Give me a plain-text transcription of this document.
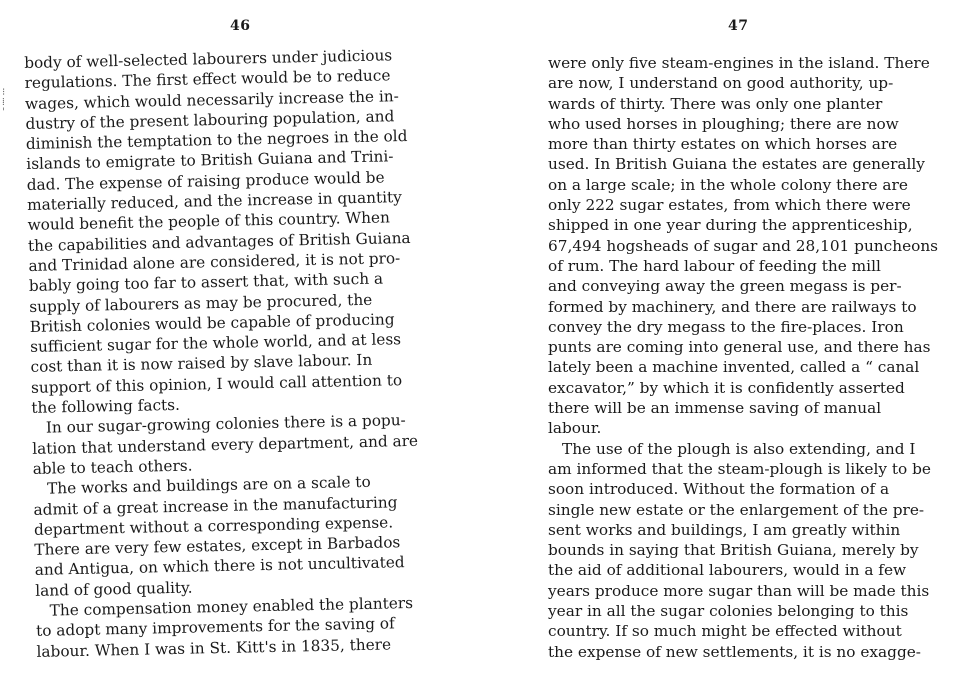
⁝
⁞
'
46
body of well-selected labourers under judicious
regulations. The first effect would be to reduce
wages, which would necessarily increase the in-
dustry of the present labouring population, and
diminish the temptation to the negroes in the old
islands to emigrate to British Guiana and Trini-
dad. The expense of raising produce would be
materially reduced, and the increase in quantity
would benefit the people of this country. When
the capabilities and advantages of British Guiana
and Trinidad alone are considered, it is not pro-
bably going too far to assert that, with such a
supply of labourers as may be procured, the
British colonies would be capable of producing
sufficient sugar for the whole world, and at less
cost than it is now raised by slave labour. In
support of this opinion, I would call attention to
the following facts.
In our sugar-growing colonies there is a popu-
lation that understand every department, and are
able to teach others.
The works and buildings are on a scale to
admit of a great increase in the manufacturing
department without a corresponding expense.
There are very few estates, except in Barbados
and Antigua, on which there is not uncultivated
land of good quality.
The compensation money enabled the planters
to adopt many improvements for the saving of
labour. When I was in St. Kitt's in 1835, there
47
were only five steam-engines in the island. There
are now, I understand on good authority, up-
wards of thirty. There was only one planter
who used horses in ploughing; there are now
more than thirty estates on which horses are
used. In British Guiana the estates are generally
on a large scale; in the whole colony there are
only 222 sugar estates, from which there were
shipped in one year during the apprenticeship,
67,494 hogsheads of sugar and 28,101 puncheons
of rum. The hard labour of feeding the mill
and conveying away the green megass is per-
formed by machinery, and there are railways to
convey the dry megass to the fire-places. Iron
punts are coming into general use, and there has
lately been a machine invented, called a “ canal
excavator,” by which it is confidently asserted
there will be an immense saving of manual
labour.
The use of the plough is also extending, and I
am informed that the steam-plough is likely to be
soon introduced. Without the formation of a
single new estate or the enlargement of the pre-
sent works and buildings, I am greatly within
bounds in saying that British Guiana, merely by
the aid of additional labourers, would in a few
years produce more sugar than will be made this
year in all the sugar colonies belonging to this
country. If so much might be effected without
the expense of new settlements, it is no exagge-
